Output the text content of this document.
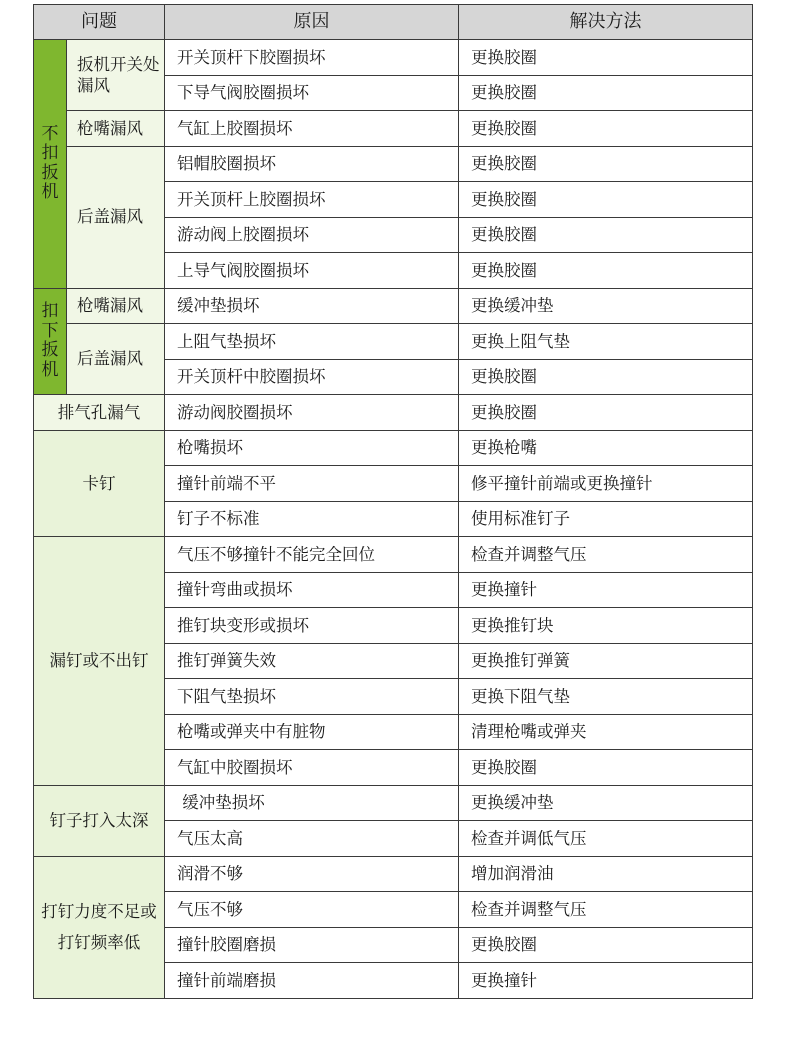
问题		原因	解决方法
不扣扳机	扳机开关处漏风	开关顶杆下胶圈损坏	更换胶圈
		下导气阀胶圈损坏	更换胶圈
	枪嘴漏风	气缸上胶圈损坏	更换胶圈
	后盖漏风	铝帽胶圈损坏	更换胶圈
		开关顶杆上胶圈损坏	更换胶圈
		游动阀上胶圈损坏	更换胶圈
		上导气阀胶圈损坏	更换胶圈
扣下扳机	枪嘴漏风	缓冲垫损坏	更换缓冲垫
	后盖漏风	上阻气垫损坏	更换上阻气垫
		开关顶杆中胶圈损坏	更换胶圈
排气孔漏气		游动阀胶圈损坏	更换胶圈
卡钉		枪嘴损坏	更换枪嘴
		撞针前端不平	修平撞针前端或更换撞针
		钉子不标准	使用标准钉子
漏钉或不出钉		气压不够撞针不能完全回位	检查并调整气压
		撞针弯曲或损坏	更换撞针
		推钉块变形或损坏	更换推钉块
		推钉弹簧失效	更换推钉弹簧
		下阻气垫损坏	更换下阻气垫
		枪嘴或弹夹中有脏物	清理枪嘴或弹夹
		气缸中胶圈损坏	更换胶圈
钉子打入太深		缓冲垫损坏	更换缓冲垫
		气压太高	检查并调低气压
打钉力度不足或打钉频率低		润滑不够	增加润滑油
		气压不够	检查并调整气压
		撞针胶圈磨损	更换胶圈
		撞针前端磨损	更换撞针
